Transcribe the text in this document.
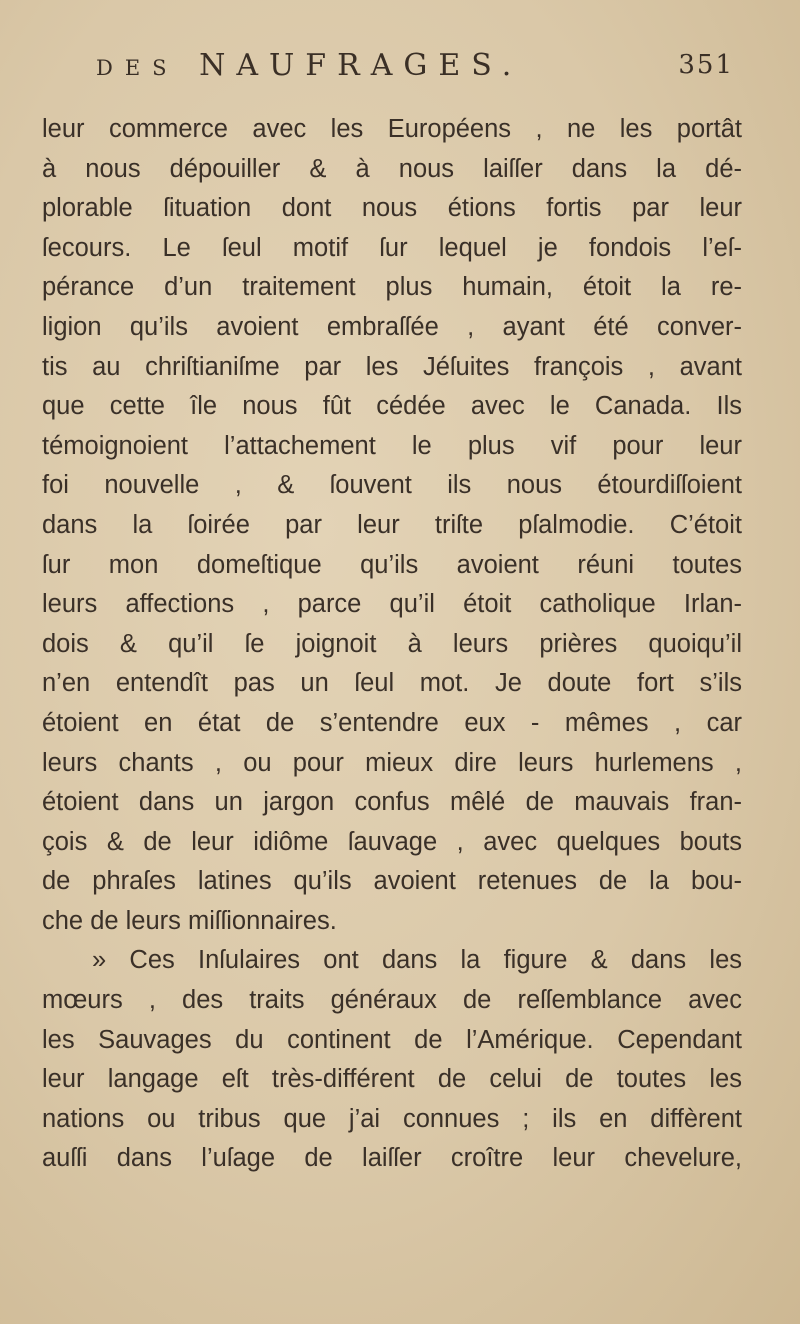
DES NAUFRAGES.	351
leur commerce avec les Européens , ne les portât
à nous dépouiller & à nous laiſſer dans la dé-
plorable ſituation dont nous étions fortis par leur
ſecours. Le ſeul motif ſur lequel je fondois l’eſ-
pérance d’un traitement plus humain, étoit la re-
ligion qu’ils avoient embraſſée , ayant été conver-
tis au chriſtianiſme par les Jéſuites françois , avant
que cette île nous fût cédée avec le Canada. Ils
témoignoient l’attachement le plus vif pour leur
foi nouvelle , & ſouvent ils nous étourdiſſoient
dans la ſoirée par leur triſte pſalmodie. C’étoit
ſur mon domeſtique qu’ils avoient réuni toutes
leurs affections , parce qu’il étoit catholique Irlan-
dois & qu’il ſe joignoit à leurs prières quoiqu’il
n’en entendît pas un ſeul mot. Je doute fort s’ils
étoient en état de s’entendre eux - mêmes , car
leurs chants , ou pour mieux dire leurs hurlemens ,
étoient dans un jargon confus mêlé de mauvais fran-
çois & de leur idiôme ſauvage , avec quelques bouts
de phraſes latines qu’ils avoient retenues de la bou-
che de leurs miſſionnaires.
» Ces Inſulaires ont dans la figure & dans les
mœurs , des traits généraux de reſſemblance avec
les Sauvages du continent de l’Amérique. Cependant
leur langage eſt très-différent de celui de toutes les
nations ou tribus que j’ai connues ; ils en diffèrent
auſſi dans l’uſage de laiſſer croître leur chevelure,
